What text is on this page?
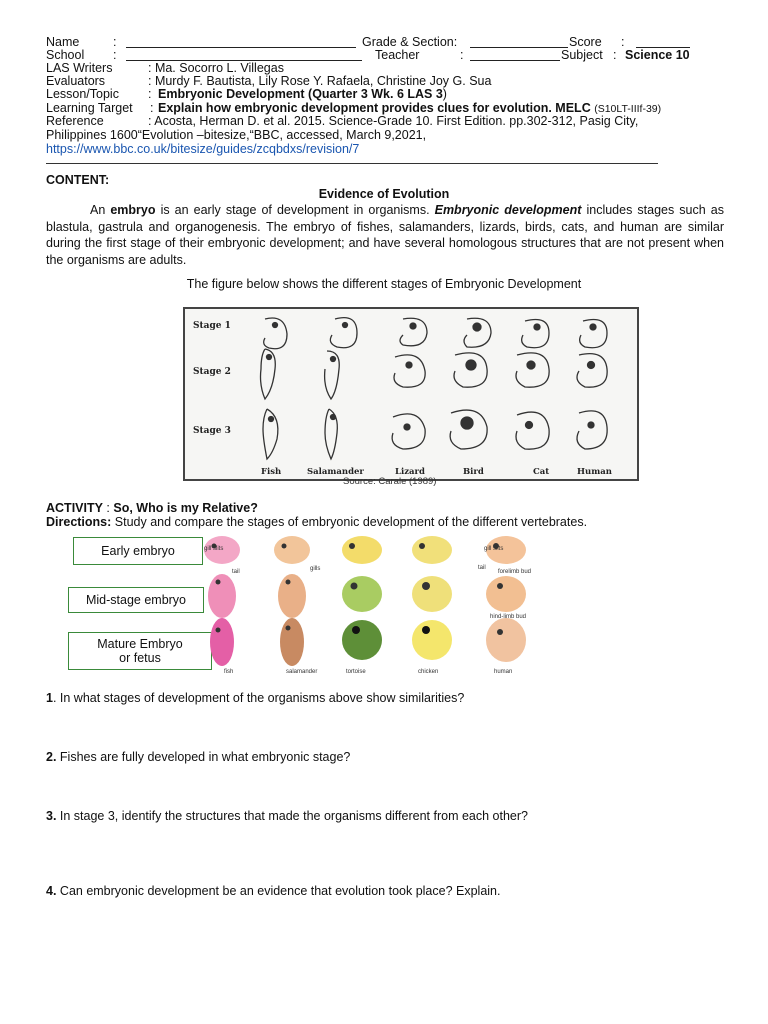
Name	:	Grade & Section:	Score :
School :	Teacher	:	Subject : Science 10
LAS Writers	: Ma. Socorro L. Villegas
Evaluators	: Murdy F. Bautista, Lily Rose Y. Rafaela, Christine Joy G. Sua
Lesson/Topic : Embryonic Development (Quarter 3 Wk. 6 LAS 3)
Learning Target : Explain how embryonic development provides clues for evolution. MELC (S10LT-IIIf-39)
Reference	: Acosta, Herman D. et al. 2015. Science-Grade 10. First Edition. pp.302-312, Pasig City,
Philippines 1600“Evolution –bitesize,“BBC, accessed, March 9,2021,
https://www.bbc.co.uk/bitesize/guides/zcqbdxs/revision/7
CONTENT:
Evidence of Evolution
An embryo is an early stage of development in organisms. Embryonic development includes stages such as blastula, gastrula and organogenesis. The embryo of fishes, salamanders, lizards, birds, cats, and human are similar during the first stage of their embryonic development; and have several homologous structures that are not present when the organisms are adults.
The figure below shows the different stages of Embryonic Development
Stage 1
Stage 2
Stage 3
Fish	Salamander	Lizard	Bird	Cat	Human
Source: Carale (1989)
ACTIVITY : So, Who is my Relative?
Directions: Study and compare the stages of embryonic development of the different vertebrates.
Early embryo
Mid-stage embryo
Mature Embryo
or fetus
gill slits
tail	gills
gill slits
tail
forelimb bud
hind-limb bud
fish	salamander	tortoise	chicken	human
1. In what stages of development of the organisms above show similarities?
2. Fishes are fully developed in what embryonic stage?
3. In stage 3, identify the structures that made the organisms different from each other?
4. Can embryonic development be an evidence that evolution took place? Explain.
